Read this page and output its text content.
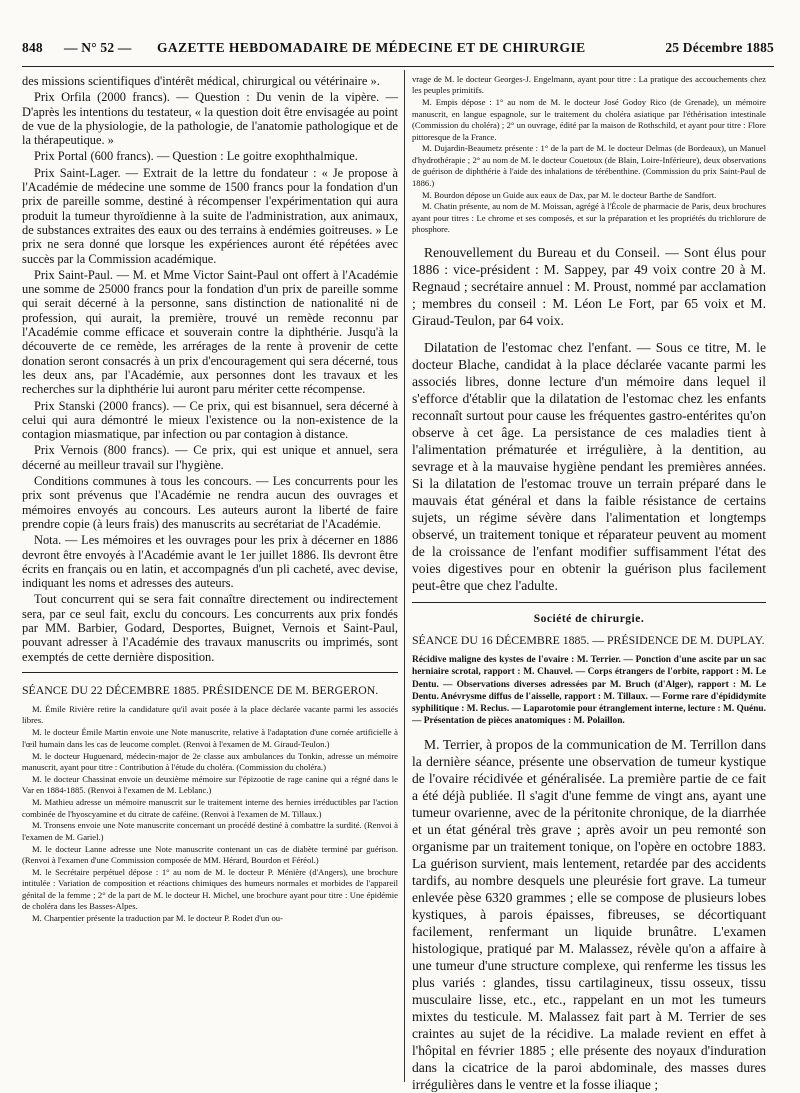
848 — N° 52 — GAZETTE HEBDOMADAIRE DE MÉDECINE ET DE CHIRURGIE	25 Décembre 1885

des missions scientifiques d'intérêt médical, chirurgical ou vétérinaire ».

Prix Orfila (2000 francs). — Question : Du venin de la vipère. — D'après les intentions du testateur, « la question doit être envisagée au point de vue de la physiologie, de la pathologie, de l'anatomie pathologique et de la thérapeutique. »

Prix Portal (600 francs). — Question : Le goitre exophthalmique.

Prix Saint-Lager. — Extrait de la lettre du fondateur : « Je propose à l'Académie de médecine une somme de 1500 francs pour la fondation d'un prix de pareille somme, destiné à récompenser l'expérimentation qui aura produit la tumeur thyroïdienne à la suite de l'administration, aux animaux, de substances extraites des eaux ou des terrains à endémies goitreuses. » Le prix ne sera donné que lorsque les expériences auront été répétées avec succès par la Commission académique.

Prix Saint-Paul. — M. et Mme Victor Saint-Paul ont offert à l'Académie une somme de 25000 francs pour la fondation d'un prix de pareille somme qui serait décerné à la personne, sans distinction de nationalité ni de profession, qui aurait, la première, trouvé un remède reconnu par l'Académie comme efficace et souverain contre la diphthérie. Jusqu'à la découverte de ce remède, les arrérages de la rente à provenir de cette donation seront consacrés à un prix d'encouragement qui sera décerné, tous les deux ans, par l'Académie, aux personnes dont les travaux et les recherches sur la diphthérie lui auront paru mériter cette récompense.

Prix Stanski (2000 francs). — Ce prix, qui est bisannuel, sera décerné à celui qui aura démontré le mieux l'existence ou la non-existence de la contagion miasmatique, par infection ou par contagion à distance.

Prix Vernois (800 francs). — Ce prix, qui est unique et annuel, sera décerné au meilleur travail sur l'hygiène.

Conditions communes à tous les concours. — Les concurrents pour les prix sont prévenus que l'Académie ne rendra aucun des ouvrages et mémoires envoyés au concours. Les auteurs auront la liberté de faire prendre copie (à leurs frais) des manuscrits au secrétariat de l'Académie.

Nota. — Les mémoires et les ouvrages pour les prix à décerner en 1886 devront être envoyés à l'Académie avant le 1er juillet 1886. Ils devront être écrits en français ou en latin, et accompagnés d'un pli cacheté, avec devise, indiquant les noms et adresses des auteurs.

Tout concurrent qui se sera fait connaître directement ou indirectement sera, par ce seul fait, exclu du concours. Les concurrents aux prix fondés par MM. Barbier, Godard, Desportes, Buignet, Vernois et Saint-Paul, pouvant adresser à l'Académie des travaux manuscrits ou imprimés, sont exemptés de cette dernière disposition.

SÉANCE DU 22 DÉCEMBRE 1885. PRÉSIDENCE DE M. BERGERON.

M. Émile Rivière retire la candidature qu'il avait posée à la place déclarée vacante parmi les associés libres.

M. le docteur Émile Martin envoie une Note manuscrite, relative à l'adaptation d'une cornée artificielle à l'œil humain dans les cas de leucome complet. (Renvoi à l'examen de M. Giraud-Teulon.)

M. le docteur Huguenard, médecin-major de 2e classe aux ambulances du Tonkin, adresse un mémoire manuscrit, ayant pour titre : Contribution à l'étude du choléra. (Commission du choléra.)

M. le docteur Chassinat envoie un deuxième mémoire sur l'épizootie de rage canine qui a régné dans le Var en 1884-1885. (Renvoi à l'examen de M. Leblanc.)

M. Mathieu adresse un mémoire manuscrit sur le traitement interne des hernies irréductibles par l'action combinée de l'hyoscyamine et du citrate de caféine. (Renvoi à l'examen de M. Tillaux.)

M. Tronsens envoie une Note manuscrite concernant un procédé destiné à combattre la surdité. (Renvoi à l'examen de M. Gariel.)

M. le docteur Lanne adresse une Note manuscrite contenant un cas de diabète terminé par guérison. (Renvoi à l'examen d'une Commission composée de MM. Hérard, Bourdon et Féréol.)

M. le Secrétaire perpétuel dépose : 1° au nom de M. le docteur P. Ménière (d'Angers), une brochure intitulée : Variation de composition et réactions chimiques des humeurs normales et morbides de l'appareil génital de la femme ; 2° de la part de M. le docteur H. Michel, une brochure ayant pour titre : Une épidémie de choléra dans les Basses-Alpes.

M. Charpentier présente la traduction par M. le docteur P. Rodet d'un ou-

vrage de M. le docteur Georges-J. Engelmann, ayant pour titre : La pratique des accouchements chez les peuples primitifs.

M. Empis dépose : 1° au nom de M. le docteur José Godoy Rico (de Grenade), un mémoire manuscrit, en langue espagnole, sur le traitement du choléra asiatique par l'éthérisation intestinale (Commission du choléra) ; 2° un ouvrage, édité par la maison de Rothschild, et ayant pour titre : Flore pittoresque de la France.

M. Dujardin-Beaumetz présente : 1° de la part de M. le docteur Delmas (de Bordeaux), un Manuel d'hydrothérapie ; 2° au nom de M. le docteur Couetoux (de Blain, Loire-Inférieure), deux observations de guérison de diphthérie à l'aide des inhalations de térébenthine. (Commission du prix Saint-Paul de 1886.)

M. Bourdon dépose un Guide aux eaux de Dax, par M. le docteur Barthe de Sandfort.

M. Chatin présente, au nom de M. Moissan, agrégé à l'École de pharmacie de Paris, deux brochures ayant pour titres : Le chrome et ses composés, et sur la préparation et les propriétés du trichlorure de phosphore.

Renouvellement du Bureau et du Conseil. — Sont élus pour 1886 : vice-président : M. Sappey, par 49 voix contre 20 à M. Regnaud ; secrétaire annuel : M. Proust, nommé par acclamation ; membres du conseil : M. Léon Le Fort, par 65 voix et M. Giraud-Teulon, par 64 voix.

Dilatation de l'estomac chez l'enfant. — Sous ce titre, M. le docteur Blache, candidat à la place déclarée vacante parmi les associés libres, donne lecture d'un mémoire dans lequel il s'efforce d'établir que la dilatation de l'estomac chez les enfants reconnaît surtout pour cause les fréquentes gastro-entérites qu'on observe à cet âge. La persistance de ces maladies tient à l'alimentation prématurée et irrégulière, à la dentition, au sevrage et à la mauvaise hygiène pendant les premières années. Si la dilatation de l'estomac trouve un terrain préparé dans le mauvais état général et dans la faible résistance de certains sujets, un régime sévère dans l'alimentation et longtemps observé, un traitement tonique et réparateur peuvent au moment de la croissance de l'enfant modifier suffisamment l'état des voies digestives pour en obtenir la guérison plus facilement peut-être que chez l'adulte.

Société de chirurgie.

SÉANCE DU 16 DÉCEMBRE 1885. — PRÉSIDENCE DE M. DUPLAY.

Récidive maligne des kystes de l'ovaire : M. Terrier. — Ponction d'une ascite par un sac herniaire scrotal, rapport : M. Chauvel. — Corps étrangers de l'orbite, rapport : M. Le Dentu. — Observations diverses adressées par M. Bruch (d'Alger), rapport : M. Le Dentu. Anévrysme diffus de l'aisselle, rapport : M. Tillaux. — Forme rare d'épididymite syphilitique : M. Reclus. — Laparotomie pour étranglement interne, lecture : M. Quénu. — Présentation de pièces anatomiques : M. Polaillon.

M. Terrier, à propos de la communication de M. Terrillon dans la dernière séance, présente une observation de tumeur kystique de l'ovaire récidivée et généralisée. La première partie de ce fait a été déjà publiée. Il s'agit d'une femme de vingt ans, ayant une tumeur ovarienne, avec de la péritonite chronique, de la diarrhée et un état général très grave ; après avoir un peu remonté son organisme par un traitement tonique, on l'opère en octobre 1883. La guérison survient, mais lentement, retardée par des accidents tardifs, au nombre desquels une pleurésie fort grave. La tumeur enlevée pèse 6320 grammes ; elle se compose de plusieurs lobes kystiques, à parois épaisses, fibreuses, se décortiquant facilement, renfermant un liquide brunâtre. L'examen histologique, pratiqué par M. Malassez, révèle qu'on a affaire à une tumeur d'une structure complexe, qui renferme les tissus les plus variés : glandes, tissu cartilagineux, tissu osseux, tissu musculaire lisse, etc., etc., rappelant en un mot les tumeurs mixtes du testicule. M. Malassez fait part à M. Terrier de ses craintes au sujet de la récidive. La malade revient en effet à l'hôpital en février 1885 ; elle présente des noyaux d'induration dans la cicatrice de la paroi abdominale, des masses dures irrégulières dans le ventre et la fosse iliaque ;
